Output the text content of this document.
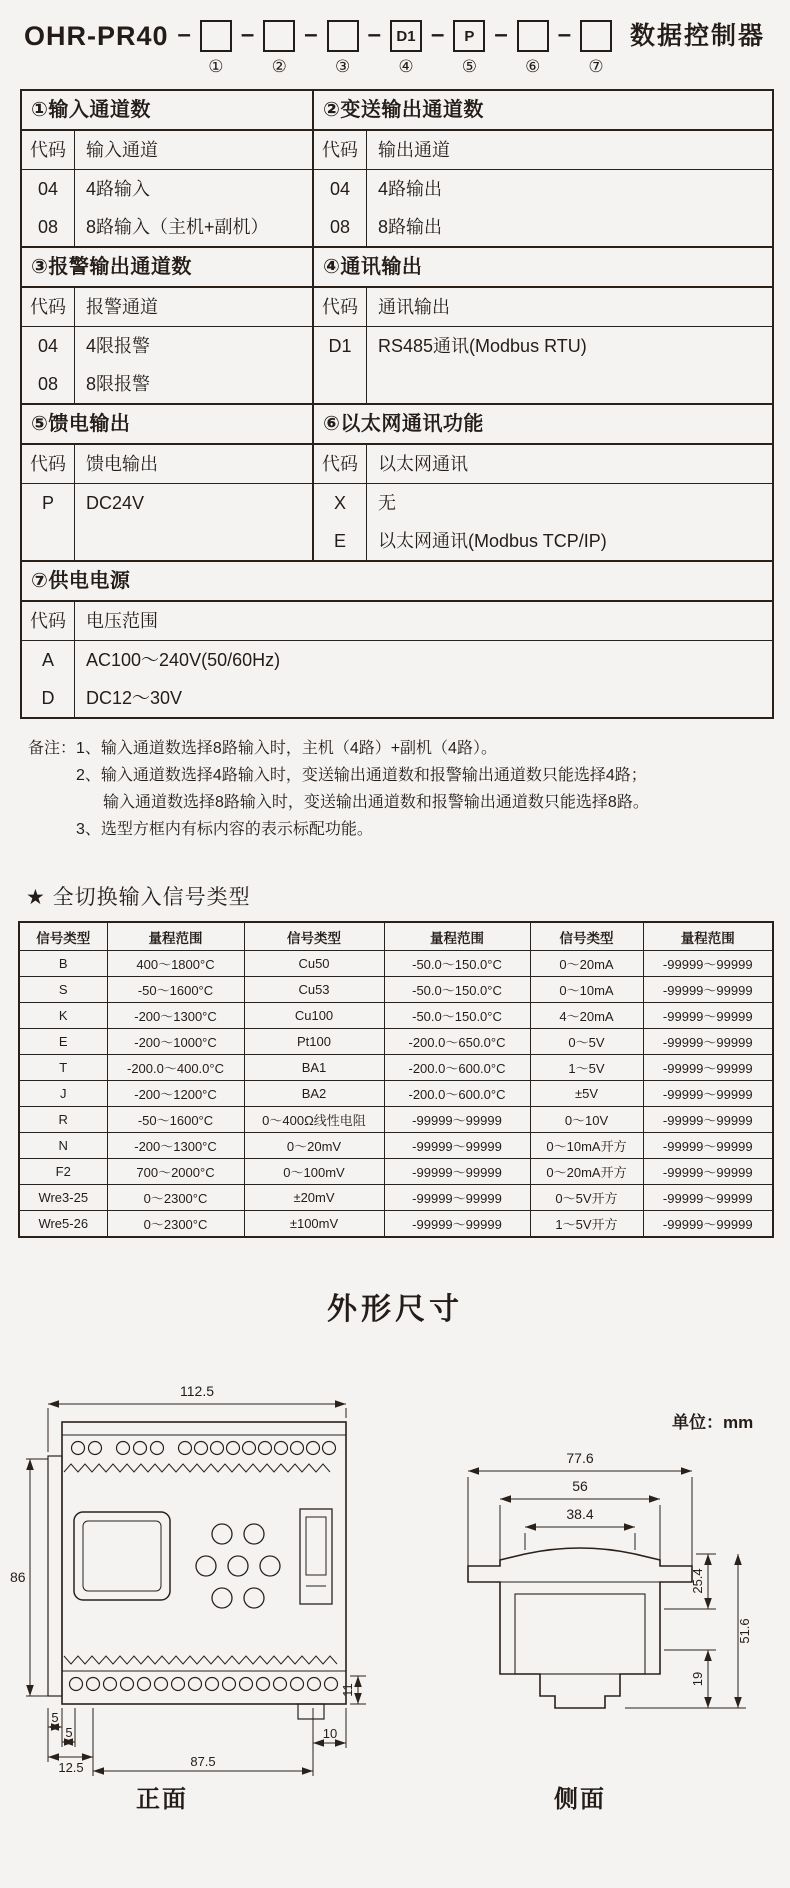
OHR-PR40 –
①
–
②
–
③
– D1
④
– P
⑤
–
⑥
–
⑦
数据控制器
①输入通道数
代码	输入通道
04	4路输入
08	8路输入（主机+副机）
②变送输出通道数
代码	输出通道
04	4路输出
08	8路输出
③报警输出通道数
代码	报警通道
04	4限报警
08	8限报警
④通讯输出
代码	通讯输出
D1	RS485通讯(Modbus RTU)
⑤馈电输出
代码	馈电输出
P	DC24V
⑥以太网通讯功能
代码	以太网通讯
X	无
E	以太网通讯(Modbus TCP/IP)
⑦供电电源
代码	电压范围
A	AC100～240V(50/60Hz)
D	DC12～30V
备注： 1、输入通道数选择8路输入时，主机（4路）+副机（4路）。
2、输入通道数选择4路输入时，变送输出通道数和报警输出通道数只能选择4路；
输入通道数选择8路输入时，变送输出通道数和报警输出通道数只能选择8路。
3、选型方框内有标内容的表示标配功能。
★ 全切换输入信号类型
信号类型	量程范围	信号类型	量程范围	信号类型	量程范围
B	400～1800°C	Cu50	-50.0～150.0°C	0～20mA	-99999～99999
S	-50～1600°C	Cu53	-50.0～150.0°C	0～10mA	-99999～99999
K	-200～1300°C	Cu100	-50.0～150.0°C	4～20mA	-99999～99999
E	-200～1000°C	Pt100	-200.0～650.0°C	0～5V	-99999～99999
T	-200.0～400.0°C	BA1	-200.0～600.0°C	1～5V	-99999～99999
J	-200～1200°C	BA2	-200.0～600.0°C	±5V	-99999～99999
R	-50～1600°C	0～400Ω线性电阻	-99999～99999	0～10V	-99999～99999
N	-200～1300°C	0～20mV	-99999～99999	0～10mA开方	-99999～99999
F2	700～2000°C	0～100mV	-99999～99999	0～20mA开方	-99999～99999
Wre3-25	0～2300°C	±20mV	-99999～99999	0～5V开方	-99999～99999
Wre5-26	0～2300°C	±100mV	-99999～99999	1～5V开方	-99999～99999
外形尺寸
112.5
86
5
5
12.5	87.5
10
11
正面
单位：mm
77.6
56
38.4
25.4
19
51.6
侧面
